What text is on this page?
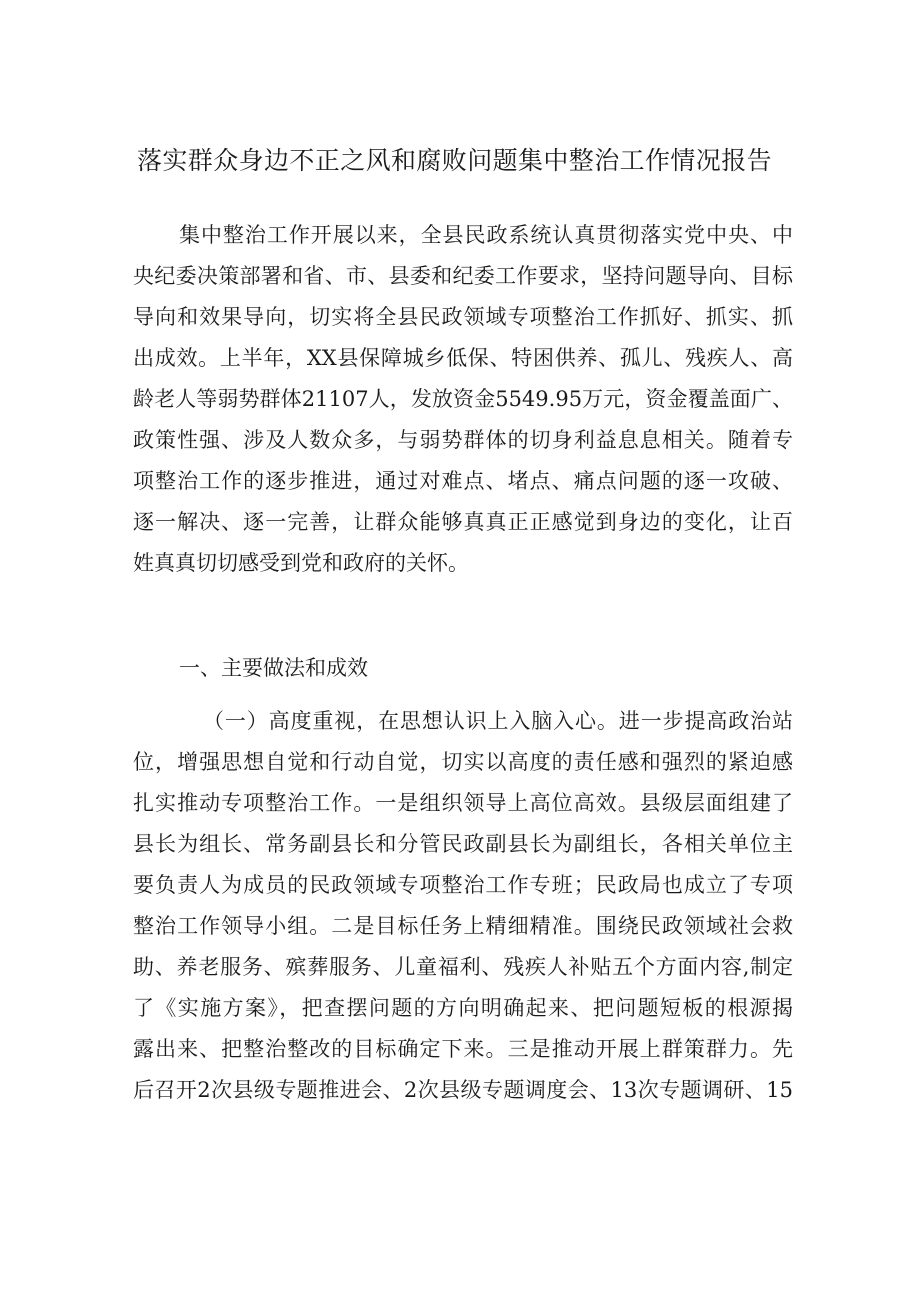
落实群众身边不正之风和腐败问题集中整治工作情况报告
集中整治工作开展以来，全县民政系统认真贯彻落实党中央、中
央纪委决策部署和省、市、县委和纪委工作要求，坚持问题导向、目标
导向和效果导向，切实将全县民政领域专项整治工作抓好、抓实、抓
出成效。上半年，XX县保障城乡低保、特困供养、孤儿、残疾人、高
龄老人等弱势群体21107人，发放资金5549.95万元，资金覆盖面广、
政策性强、涉及人数众多，与弱势群体的切身利益息息相关。随着专
项整治工作的逐步推进，通过对难点、堵点、痛点问题的逐一攻破、
逐一解决、逐一完善，让群众能够真真正正感觉到身边的变化，让百
姓真真切切感受到党和政府的关怀。
一、主要做法和成效
（一）高度重视，在思想认识上入脑入心。进一步提高政治站
位，增强思想自觉和行动自觉，切实以高度的责任感和强烈的紧迫感
扎实推动专项整治工作。一是组织领导上高位高效。县级层面组建了
县长为组长、常务副县长和分管民政副县长为副组长，各相关单位主
要负责人为成员的民政领域专项整治工作专班；民政局也成立了专项
整治工作领导小组。二是目标任务上精细精准。围绕民政领域社会救
助、养老服务、殡葬服务、儿童福利、残疾人补贴五个方面内容,制定
了《实施方案》，把查摆问题的方向明确起来、把问题短板的根源揭
露出来、把整治整改的目标确定下来。三是推动开展上群策群力。先
后召开2次县级专题推进会、2次县级专题调度会、13次专题调研、15
